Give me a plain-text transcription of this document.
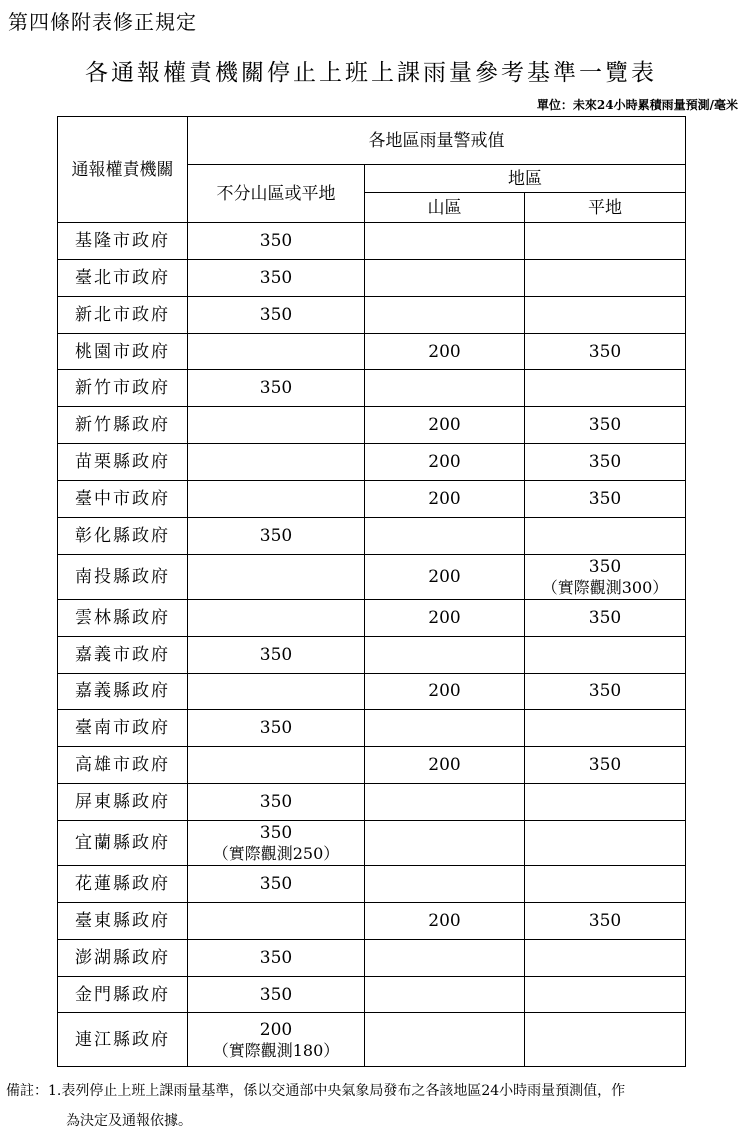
第四條附表修正規定
各通報權責機關停止上班上課雨量參考基準一覽表
單位：未來24小時累積雨量預測/毫米
通報權責機關	各地區雨量警戒值		
	不分山區或平地	地區	
		山區	平地
基隆市政府	350		

臺北市政府	350		

新北市政府	350		

桃園市政府		200	350

新竹市政府	350		

新竹縣政府		200	350

苗栗縣政府		200	350

臺中市政府		200	350

彰化縣政府	350		

南投縣政府		200	350
（實際觀測300）

雲林縣政府		200	350

嘉義市政府	350		

嘉義縣政府		200	350

臺南市政府	350		

高雄市政府		200	350

屏東縣政府	350		

宜蘭縣政府	350
（實際觀測250）		

花蓮縣政府	350		

臺東縣政府		200	350

澎湖縣政府	350		

金門縣政府	350		

連江縣政府	200
（實際觀測180）		

備註：1.表列停止上班上課雨量基準，係以交通部中央氣象局發布之各該地區24小時雨量預測值，作
為決定及通報依據。
